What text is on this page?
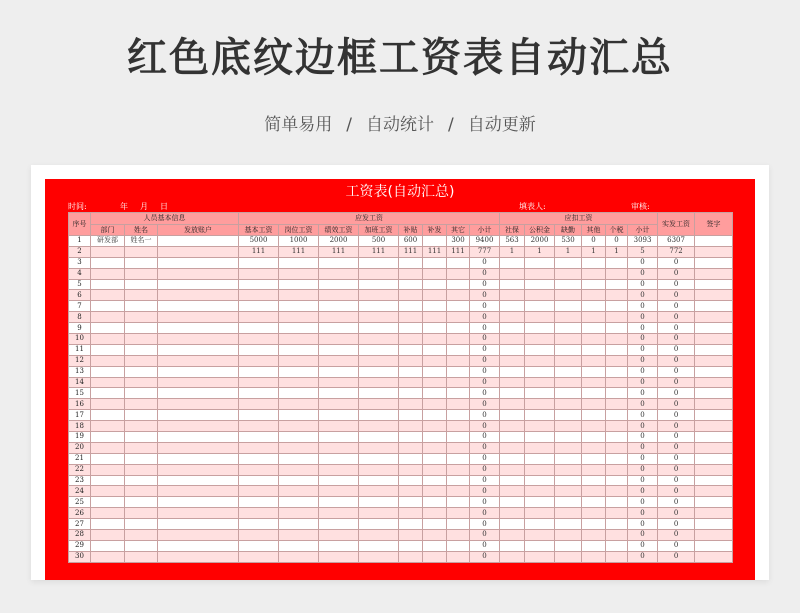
红色底纹边框工资表自动汇总
简单易用 / 自动统计 / 自动更新
工资表(自动汇总)
时间:	年 月 日	填表人:	审核:
序号	人员基本信息			应发工资								应扣工资						实发工资	签字
	部门	姓名	发放账户	基本工资	岗位工资	绩效工资	加班工资	补贴	补发	其它	小计	社保	公积金	缺勤	其他	个税	小计		
1	研发部	姓名一		5000	1000	2000	500	600		300	9400	563	2000	530	0	0	3093	6307	
2				111	111	111	111	111	111	111	777	1	1	1	1	1	5	772	
3											0						0	0	
4											0						0	0	
5											0						0	0	
6											0						0	0	
7											0						0	0	
8											0						0	0	
9											0						0	0	
10											0						0	0	
11											0						0	0	
12											0						0	0	
13											0						0	0	
14											0						0	0	
15											0						0	0	
16											0						0	0	
17											0						0	0	
18											0						0	0	
19											0						0	0	
20											0						0	0	
21											0						0	0	
22											0						0	0	
23											0						0	0	
24											0						0	0	
25											0						0	0	
26											0						0	0	
27											0						0	0	
28											0						0	0	
29											0						0	0	
30											0						0	0	
